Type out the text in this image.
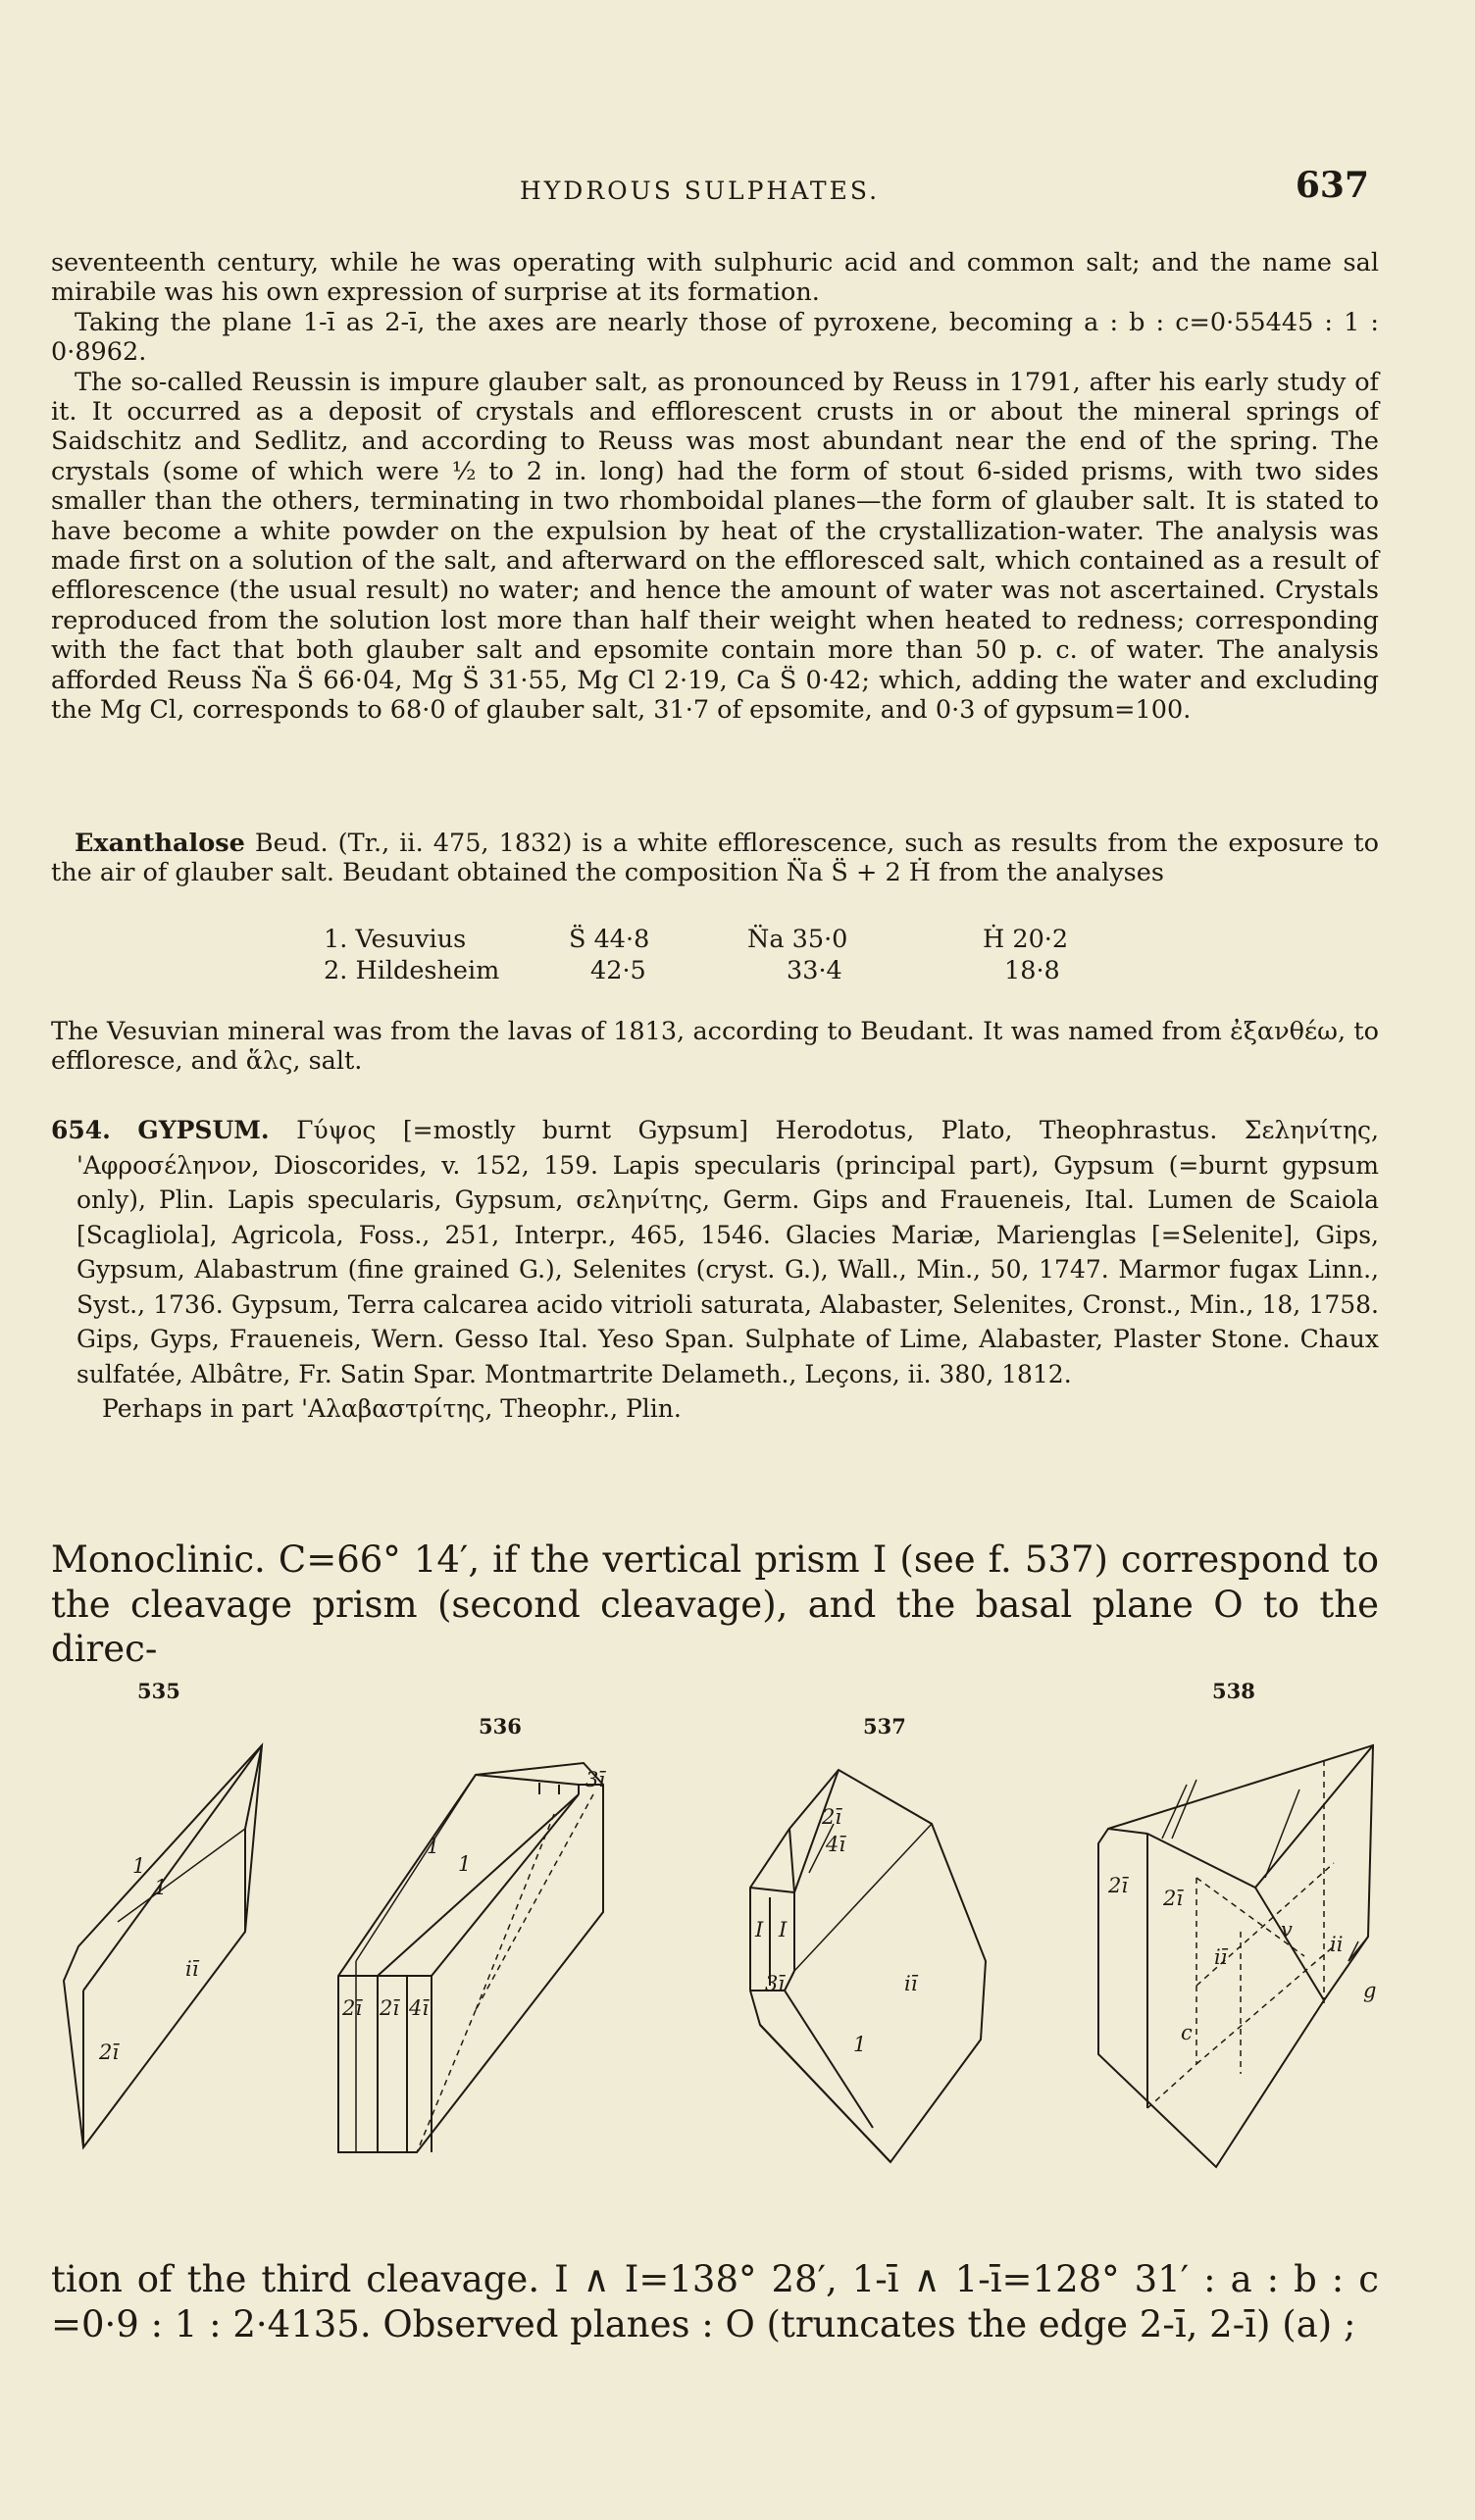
HYDROUS SULPHATES.	637

seventeenth century, while he was operating with sulphuric acid and common salt; and the name sal mirabile was his own expression of surprise at its formation.

Taking the plane 1-ī as 2-ī, the axes are nearly those of pyroxene, becoming a : b : c=0·55445 : 1 : 0·8962.

The so-called Reussin is impure glauber salt, as pronounced by Reuss in 1791, after his early study of it. It occurred as a deposit of crystals and efflorescent crusts in or about the mineral springs of Saidschitz and Sedlitz, and according to Reuss was most abundant near the end of the spring. The crystals (some of which were ½ to 2 in. long) had the form of stout 6-sided prisms, with two sides smaller than the others, terminating in two rhomboidal planes—the form of glauber salt. It is stated to have become a white powder on the expulsion by heat of the crystallization-water. The analysis was made first on a solution of the salt, and afterward on the effloresced salt, which contained as a result of efflorescence (the usual result) no water; and hence the amount of water was not ascertained. Crystals reproduced from the solution lost more than half their weight when heated to redness; corresponding with the fact that both glauber salt and epsomite contain more than 50 p. c. of water. The analysis afforded Reuss N̈a S̈ 66·04, Mg S̈ 31·55, Mg Cl 2·19, Ca S̈ 0·42; which, adding the water and excluding the Mg Cl, corresponds to 68·0 of glauber salt, 31·7 of epsomite, and 0·3 of gypsum=100.

Exanthalose Beud. (Tr., ii. 475, 1832) is a white efflorescence, such as results from the exposure to the air of glauber salt. Beudant obtained the composition N̈a S̈ + 2 Ḣ from the analyses

1. Vesuvius	S̈ 44·8	N̈a 35·0	Ḣ 20·2
2. Hildesheim	42·5	33·4	18·8

The Vesuvian mineral was from the lavas of 1813, according to Beudant. It was named from ἐξανθέω, to effloresce, and ἅλς, salt.

654. GYPSUM. Γύψος [=mostly burnt Gypsum] Herodotus, Plato, Theophrastus. Σεληνίτης, 'Αφροσέληνον, Dioscorides, v. 152, 159. Lapis specularis (principal part), Gypsum (=burnt gypsum only), Plin. Lapis specularis, Gypsum, σεληνίτης, Germ. Gips and Fraueneis, Ital. Lumen de Scaiola [Scagliola], Agricola, Foss., 251, Interpr., 465, 1546. Glacies Mariæ, Marienglas [=Selenite], Gips, Gypsum, Alabastrum (fine grained G.), Selenites (cryst. G.), Wall., Min., 50, 1747. Marmor fugax Linn., Syst., 1736. Gypsum, Terra calcarea acido vitrioli saturata, Alabaster, Selenites, Cronst., Min., 18, 1758. Gips, Gyps, Fraueneis, Wern. Gesso Ital. Yeso Span. Sulphate of Lime, Alabaster, Plaster Stone. Chaux sulfatée, Albâtre, Fr. Satin Spar. Montmartrite Delameth., Leçons, ii. 380, 1812.

Perhaps in part 'Αλαβαστρίτης, Theophr., Plin.

Monoclinic. C=66° 14′, if the vertical prism I (see f. 537) correspond to the cleavage prism (second cleavage), and the basal plane O to the direc-

535
536	537
538
1
1
iī
2ī
3ī
1
1
2ī 2ī 4ī
2ī
4ī
I I
3ī	iī
1
2ī
2ī
iī
v
ii
c
g

tion of the third cleavage. I ∧ I=138° 28′, 1-ī ∧ 1-ī=128° 31′ : a : b : c =0·9 : 1 : 2·4135. Observed planes : O (truncates the edge 2-ī, 2-ī) (a) ;
